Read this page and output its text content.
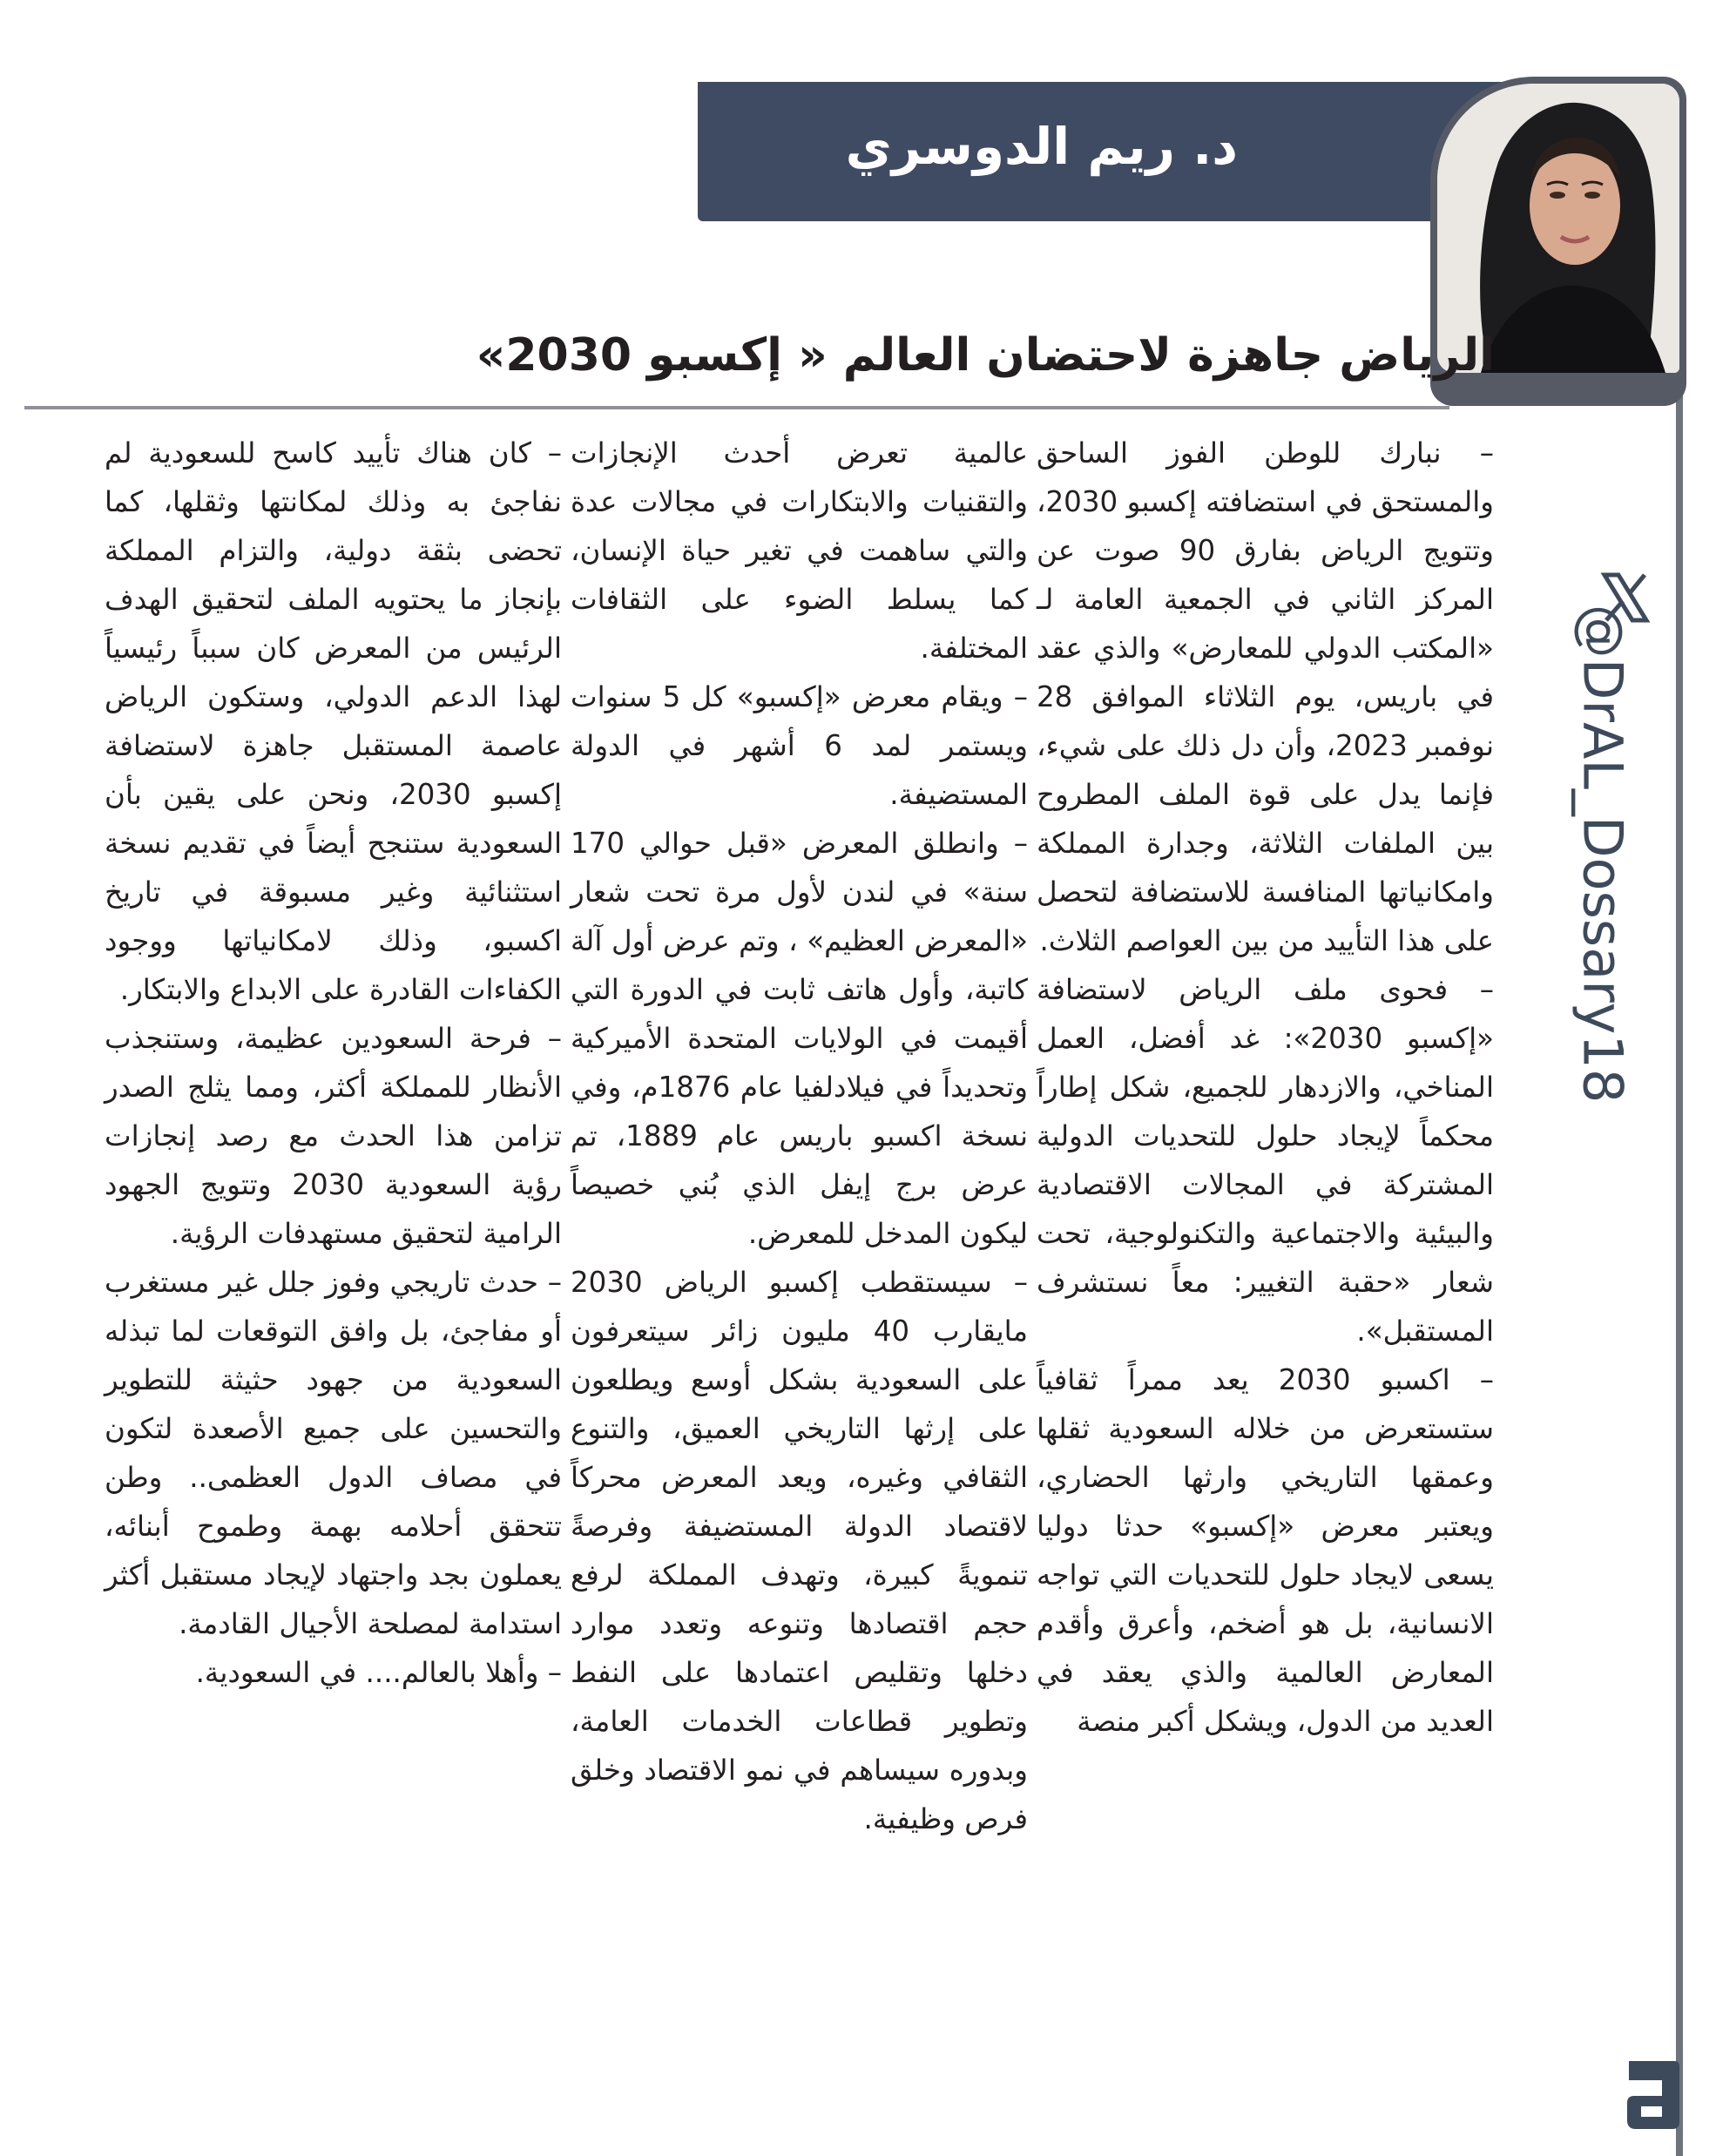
د. ريم الدوسري
الرياض جاهزة لاحتضان العالم « إكسبو 2030»
@DrAL_Dossary18

– نبارك للوطن الفوز الساحق والمستحق في استضافته إكسبو 2030، وتتويج الرياض بفارق 90 صوت عن المركز الثاني في الجمعية العامة لـ «المكتب الدولي للمعارض» والذي عقد في باريس، يوم الثلاثاء الموافق 28 نوفمبر 2023، وأن دل ذلك على شيء، فإنما يدل على قوة الملف المطروح بين الملفات الثلاثة، وجدارة المملكة وامكانياتها المنافسة للاستضافة لتحصل على هذا التأييد من بين العواصم الثلاث.

– فحوى ملف الرياض لاستضافة «إكسبو 2030»: غد أفضل، العمل المناخي، والازدهار للجميع، شكل إطاراً محكماً لإيجاد حلول للتحديات الدولية المشتركة في المجالات الاقتصادية والبيئية والاجتماعية والتكنولوجية، تحت شعار «حقبة التغيير: معاً نستشرف المستقبل».

– اكسبو 2030 يعد ممراً ثقافياً ستستعرض من خلاله السعودية ثقلها وعمقها التاريخي وارثها الحضاري، ويعتبر معرض «إكسبو» حدثا دوليا يسعى لايجاد حلول للتحديات التي تواجه الانسانية، بل هو أضخم، وأعرق وأقدم المعارض العالمية والذي يعقد في العديد من الدول، ويشكل أكبر منصة

عالمية تعرض أحدث الإنجازات والتقنيات والابتكارات في مجالات عدة والتي ساهمت في تغير حياة الإنسان، كما يسلط الضوء على الثقافات المختلفة.

– ويقام معرض «إكسبو» كل 5 سنوات ويستمر لمد 6 أشهر في الدولة المستضيفة.

– وانطلق المعرض «قبل حوالي 170 سنة» في لندن لأول مرة تحت شعار «المعرض العظيم» ، وتم عرض أول آلة كاتبة، وأول هاتف ثابت في الدورة التي أقيمت في الولايات المتحدة الأميركية وتحديداً في فيلادلفيا عام 1876م، وفي نسخة اكسبو باريس عام 1889، تم عرض برج إيفل الذي بُني خصيصاً ليكون المدخل للمعرض.

– سيستقطب إكسبو الرياض 2030 مايقارب 40 مليون زائر سيتعرفون على السعودية بشكل أوسع ويطلعون على إرثها التاريخي العميق، والتنوع الثقافي وغيره، ويعد المعرض محركاً لاقتصاد الدولة المستضيفة وفرصةً تنمويةً كبيرة، وتهدف المملكة لرفع حجم اقتصادها وتنوعه وتعدد موارد دخلها وتقليص اعتمادها على النفط وتطوير قطاعات الخدمات العامة، وبدوره سيساهم في نمو الاقتصاد وخلق فرص وظيفية.

– كان هناك تأييد كاسح للسعودية لم نفاجئ به وذلك لمكانتها وثقلها، كما تحضى بثقة دولية، والتزام المملكة بإنجاز ما يحتويه الملف لتحقيق الهدف الرئيس من المعرض كان سبباً رئيسياً لهذا الدعم الدولي، وستكون الرياض عاصمة المستقبل جاهزة لاستضافة إكسبو 2030، ونحن على يقين بأن السعودية ستنجح أيضاً في تقديم نسخة استثنائية وغير مسبوقة في تاريخ اكسبو، وذلك لامكانياتها ووجود الكفاءات القادرة على الابداع والابتكار.

– فرحة السعودين عظيمة، وستنجذب الأنظار للمملكة أكثر، ومما يثلج الصدر تزامن هذا الحدث مع رصد إنجازات رؤية السعودية 2030 وتتويج الجهود الرامية لتحقيق مستهدفات الرؤية.

– حدث تاريجي وفوز جلل غير مستغرب أو مفاجئ، بل وافق التوقعات لما تبذله السعودية من جهود حثيثة للتطوير والتحسين على جميع الأصعدة لتكون في مصاف الدول العظمى.. وطن تتحقق أحلامه بهمة وطموح أبنائه، يعملون بجد واجتهاد لإيجاد مستقبل أكثر استدامة لمصلحة الأجيال القادمة.

– وأهلا بالعالم.... في السعودية.
